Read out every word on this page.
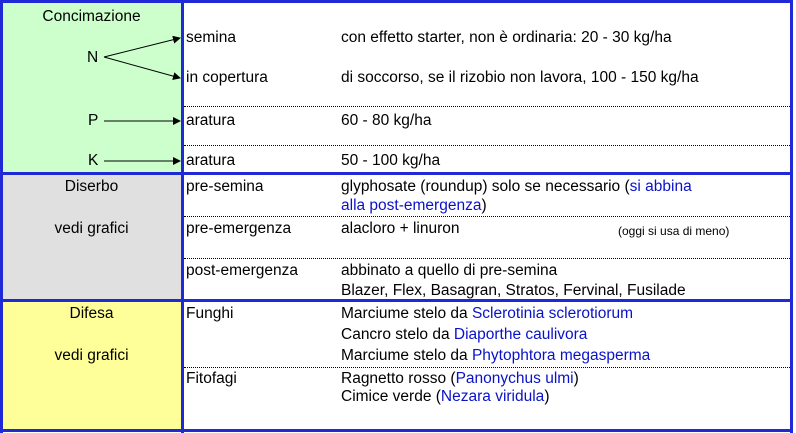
Concimazione
N
P
K
semina	con effetto starter, non è ordinaria: 20 - 30 kg/ha
in copertura	di soccorso, se il rizobio non lavora, 100 - 150 kg/ha
aratura	60 - 80 kg/ha
aratura	50 - 100 kg/ha
Diserbo
vedi grafici
pre-semina	glyphosate (roundup) solo se necessario (si abbina
alla post-emergenza)
pre-emergenza	alacloro + linuron	(oggi si usa di meno)
post-emergenza	abbinato a quello di pre-semina
Blazer, Flex, Basagran, Stratos, Fervinal, Fusilade
Difesa
vedi grafici
Funghi	Marciume stelo da Sclerotinia sclerotiorum
Cancro stelo da Diaporthe caulivora
Marciume stelo da Phytophtora megasperma
Fitofagi	Ragnetto rosso (Panonychus ulmi)
Cimice verde (Nezara viridula)
